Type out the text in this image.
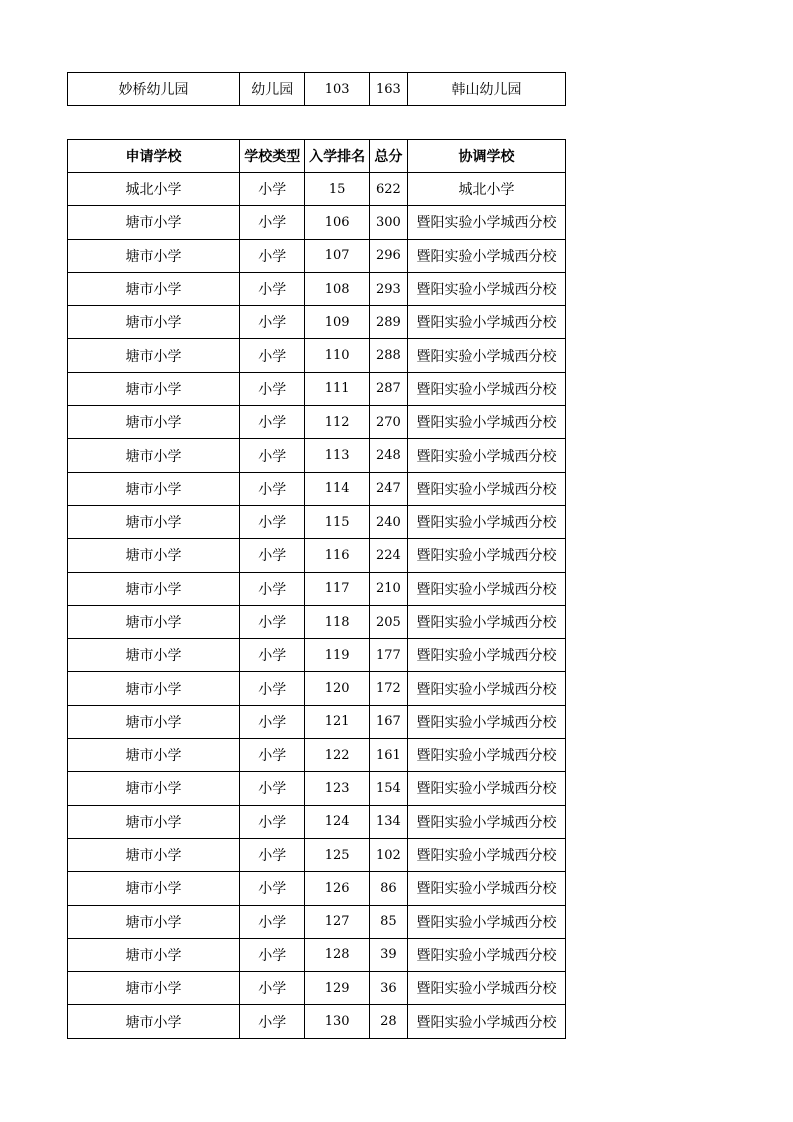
妙桥幼儿园	幼儿园	103	163	韩山幼儿园
申请学校	学校类型	入学排名	总分	协调学校
城北小学	小学	15	622	城北小学
塘市小学	小学	106	300	暨阳实验小学城西分校
塘市小学	小学	107	296	暨阳实验小学城西分校
塘市小学	小学	108	293	暨阳实验小学城西分校
塘市小学	小学	109	289	暨阳实验小学城西分校
塘市小学	小学	110	288	暨阳实验小学城西分校
塘市小学	小学	111	287	暨阳实验小学城西分校
塘市小学	小学	112	270	暨阳实验小学城西分校
塘市小学	小学	113	248	暨阳实验小学城西分校
塘市小学	小学	114	247	暨阳实验小学城西分校
塘市小学	小学	115	240	暨阳实验小学城西分校
塘市小学	小学	116	224	暨阳实验小学城西分校
塘市小学	小学	117	210	暨阳实验小学城西分校
塘市小学	小学	118	205	暨阳实验小学城西分校
塘市小学	小学	119	177	暨阳实验小学城西分校
塘市小学	小学	120	172	暨阳实验小学城西分校
塘市小学	小学	121	167	暨阳实验小学城西分校
塘市小学	小学	122	161	暨阳实验小学城西分校
塘市小学	小学	123	154	暨阳实验小学城西分校
塘市小学	小学	124	134	暨阳实验小学城西分校
塘市小学	小学	125	102	暨阳实验小学城西分校
塘市小学	小学	126	86	暨阳实验小学城西分校
塘市小学	小学	127	85	暨阳实验小学城西分校
塘市小学	小学	128	39	暨阳实验小学城西分校
塘市小学	小学	129	36	暨阳实验小学城西分校
塘市小学	小学	130	28	暨阳实验小学城西分校
